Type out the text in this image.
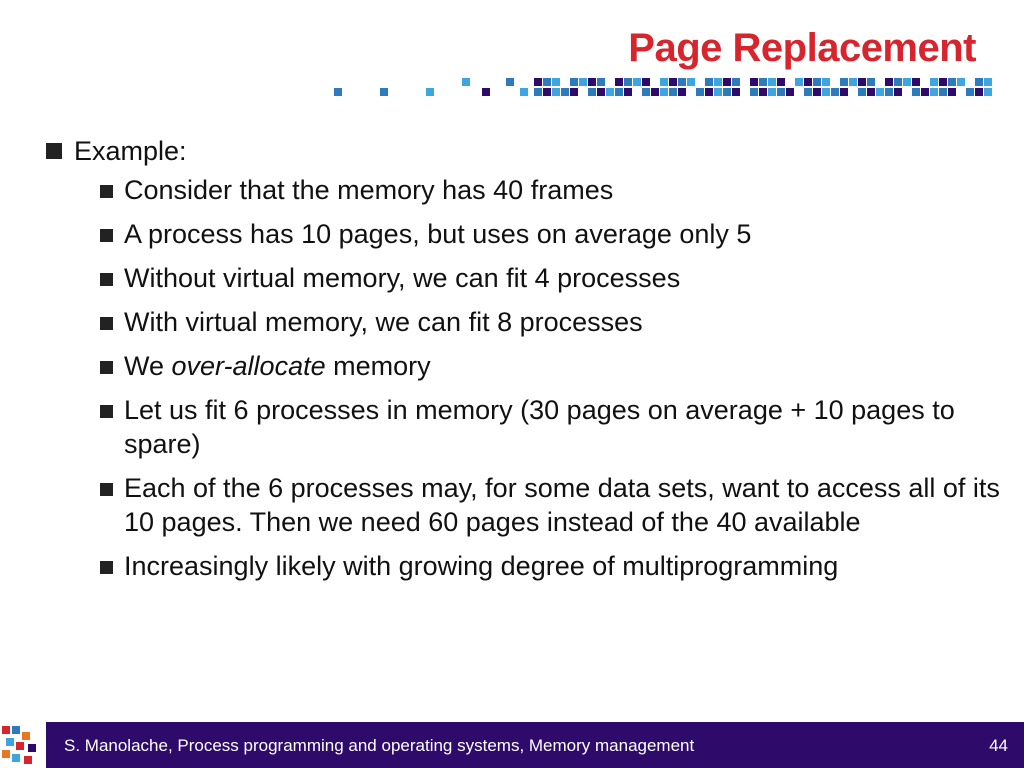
Page Replacement
Example:
Consider that the memory has 40 frames
A process has 10 pages, but uses on average only 5
Without virtual memory, we can fit 4 processes
With virtual memory, we can fit 8 processes
We over-allocate memory
Let us fit 6 processes in memory (30 pages on average + 10 pages to spare)
Each of the 6 processes may, for some data sets, want to access all of its 10 pages. Then we need 60 pages instead of the 40 available
Increasingly likely with growing degree of multiprogramming
S. Manolache, Process programming and operating systems, Memory management	44
